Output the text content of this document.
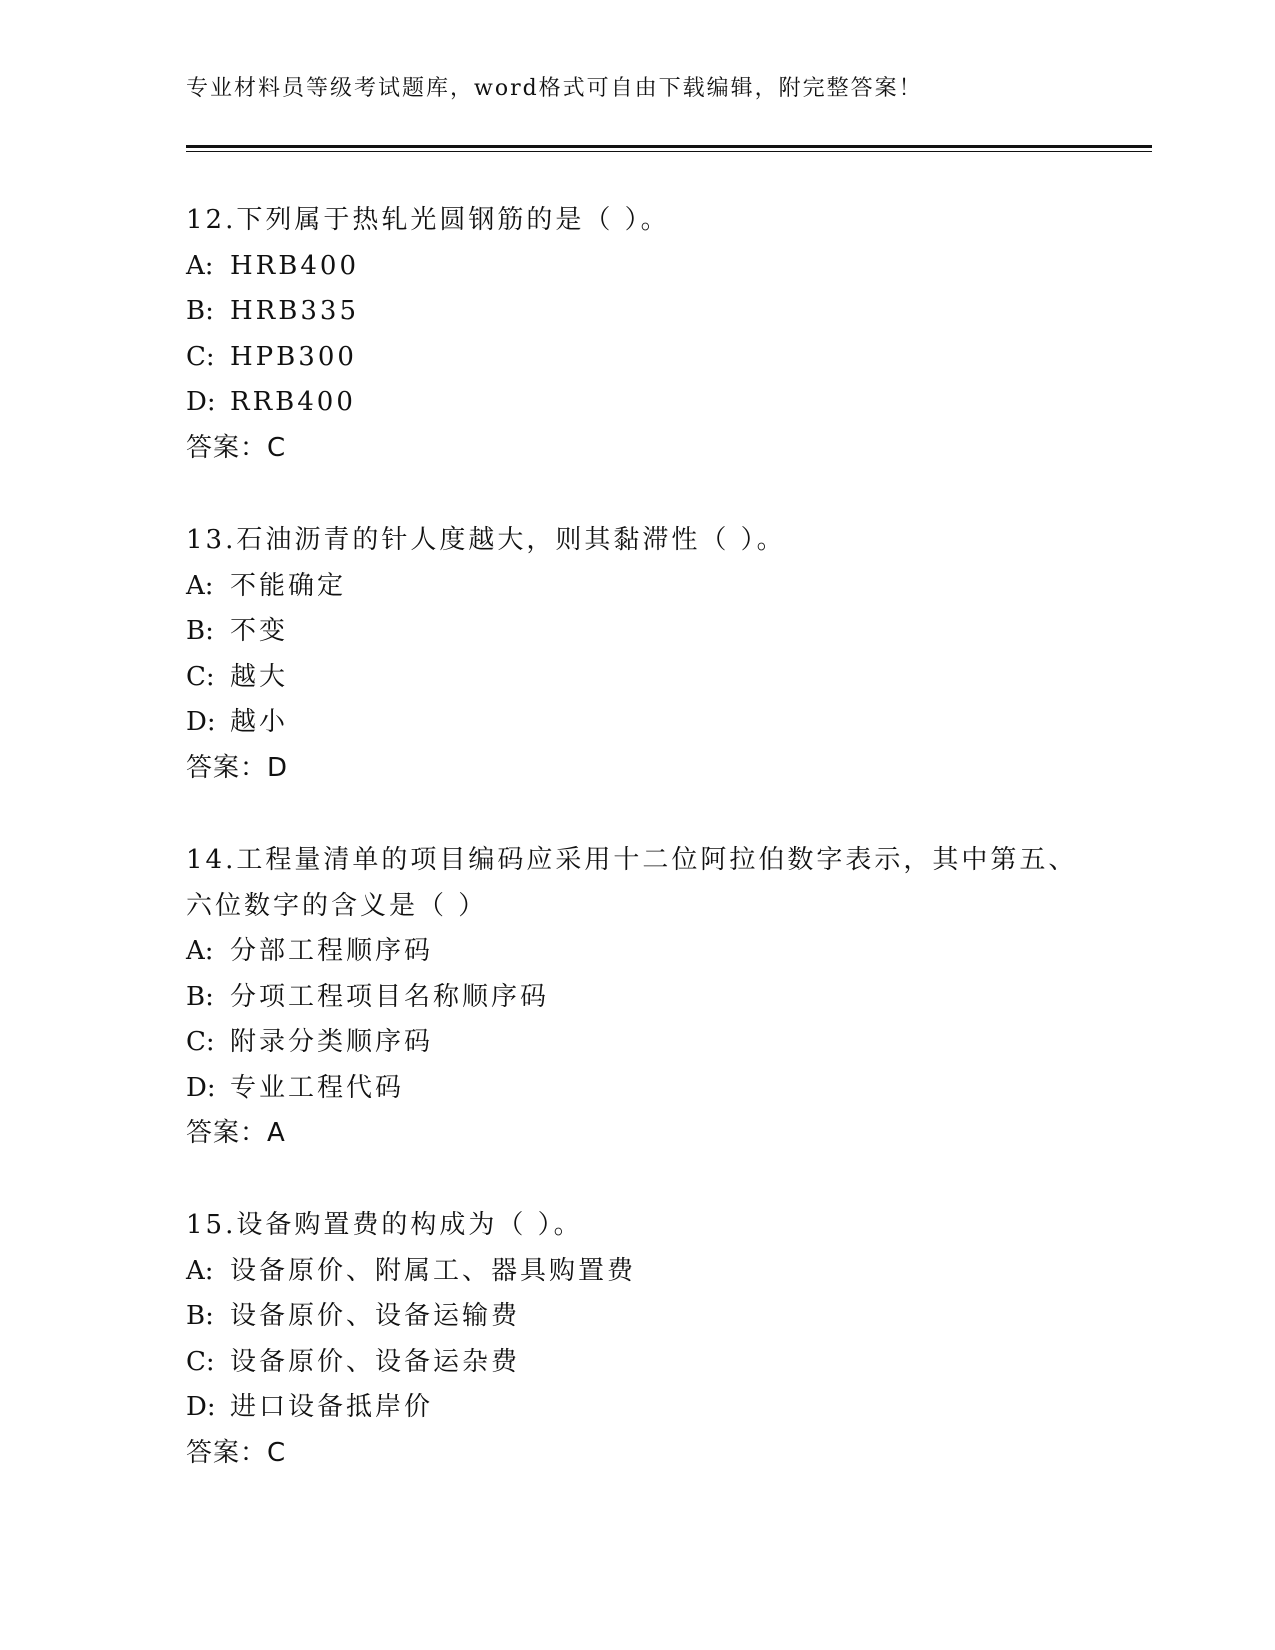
专业材料员等级考试题库，word格式可自由下载编辑，附完整答案！
12.下列属于热轧光圆钢筋的是（ ）。
A: HRB400
B: HRB335
C: HPB300
D: RRB400
答案：C
13.石油沥青的针人度越大，则其黏滞性（ ）。
A: 不能确定
B: 不变
C: 越大
D: 越小
答案：D
14.工程量清单的项目编码应采用十二位阿拉伯数字表示，其中第五、
六位数字的含义是（ ）
A: 分部工程顺序码
B: 分项工程项目名称顺序码
C: 附录分类顺序码
D: 专业工程代码
答案：A
15.设备购置费的构成为（ ）。
A: 设备原价、附属工、器具购置费
B: 设备原价、设备运输费
C: 设备原价、设备运杂费
D: 进口设备抵岸价
答案：C
